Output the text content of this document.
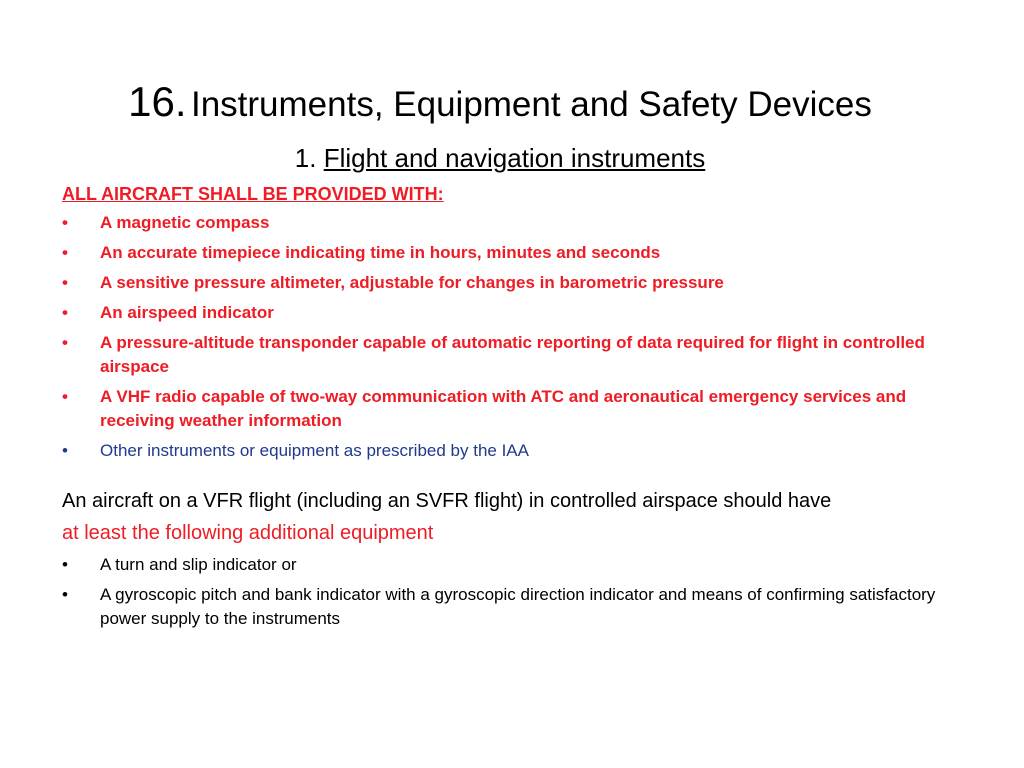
16. Instruments, Equipment and Safety Devices
1. Flight and navigation instruments
ALL AIRCRAFT SHALL BE PROVIDED WITH:
•	A magnetic compass
•	An accurate timepiece indicating time in hours, minutes and seconds
•	A sensitive pressure altimeter, adjustable for changes in barometric pressure
•	An airspeed indicator
•	A pressure-altitude transponder capable of automatic reporting of data required for flight in controlled airspace
•	A VHF radio capable of two-way communication with ATC and aeronautical emergency services and receiving weather information
•	Other instruments or equipment as prescribed by the IAA
An aircraft on a VFR flight (including an SVFR flight) in controlled airspace should have
at least the following additional equipment
•	A turn and slip indicator or
•	A gyroscopic pitch and bank indicator with a gyroscopic direction indicator and means of confirming satisfactory power supply to the instruments
